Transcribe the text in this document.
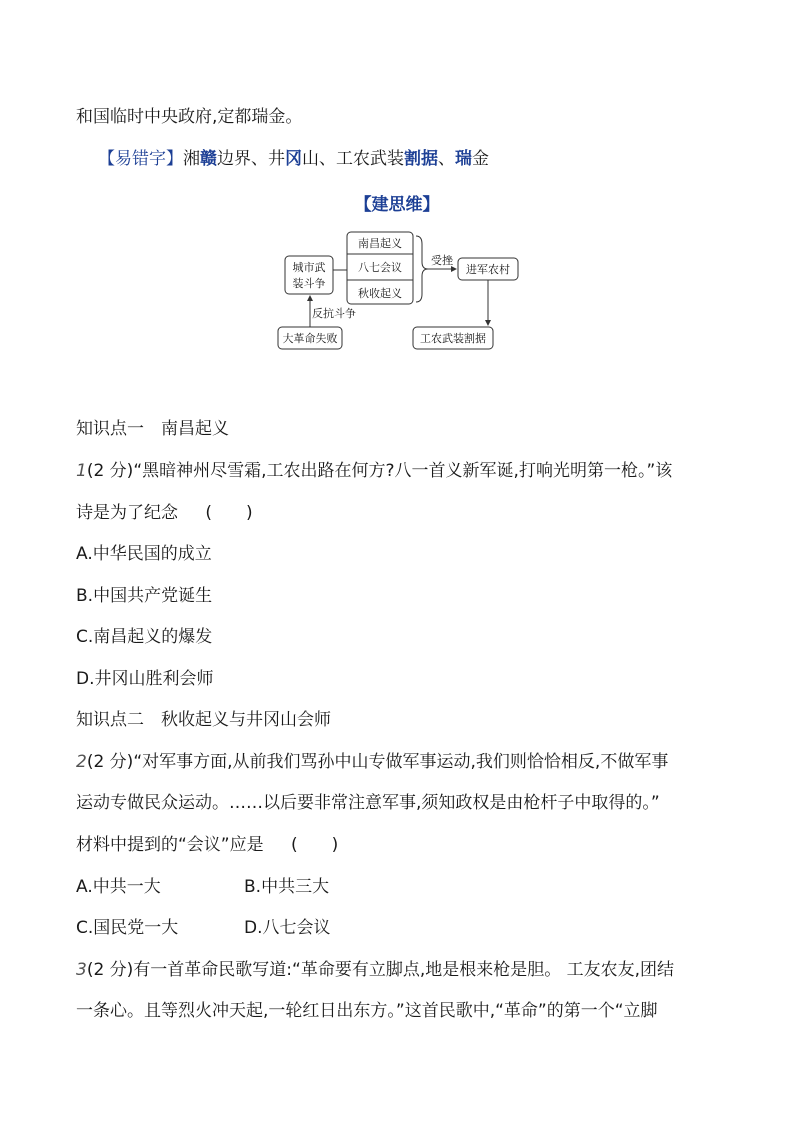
和国临时中央政府,定都瑞金。
【易错字】湘赣边界、井冈山、工农武装割据、瑞金
【建思维】
城市武
装斗争
南昌起义
八七会议
秋收起义
受挫
进军农村
工农武装割据
大革命失败
反抗斗争
知识点一　南昌起义
1(2 分)“黑暗神州尽雪霜,工农出路在何方?八一首义新军诞,打响光明第一枪。”该
诗是为了纪念 (　　)
A.中华民国的成立
B.中国共产党诞生
C.南昌起义的爆发
D.井冈山胜利会师
知识点二　秋收起义与井冈山会师
2(2 分)“对军事方面,从前我们骂孙中山专做军事运动,我们则恰恰相反,不做军事
运动专做民众运动。……以后要非常注意军事,须知政权是由枪杆子中取得的。”
材料中提到的“会议”应是 (　　)
A.中共一大	B.中共三大
C.国民党一大	D.八七会议
3(2 分)有一首革命民歌写道:“革命要有立脚点,地是根来枪是胆。 工友农友,团结
一条心。且等烈火冲天起,一轮红日出东方。”这首民歌中,“革命”的第一个“立脚
